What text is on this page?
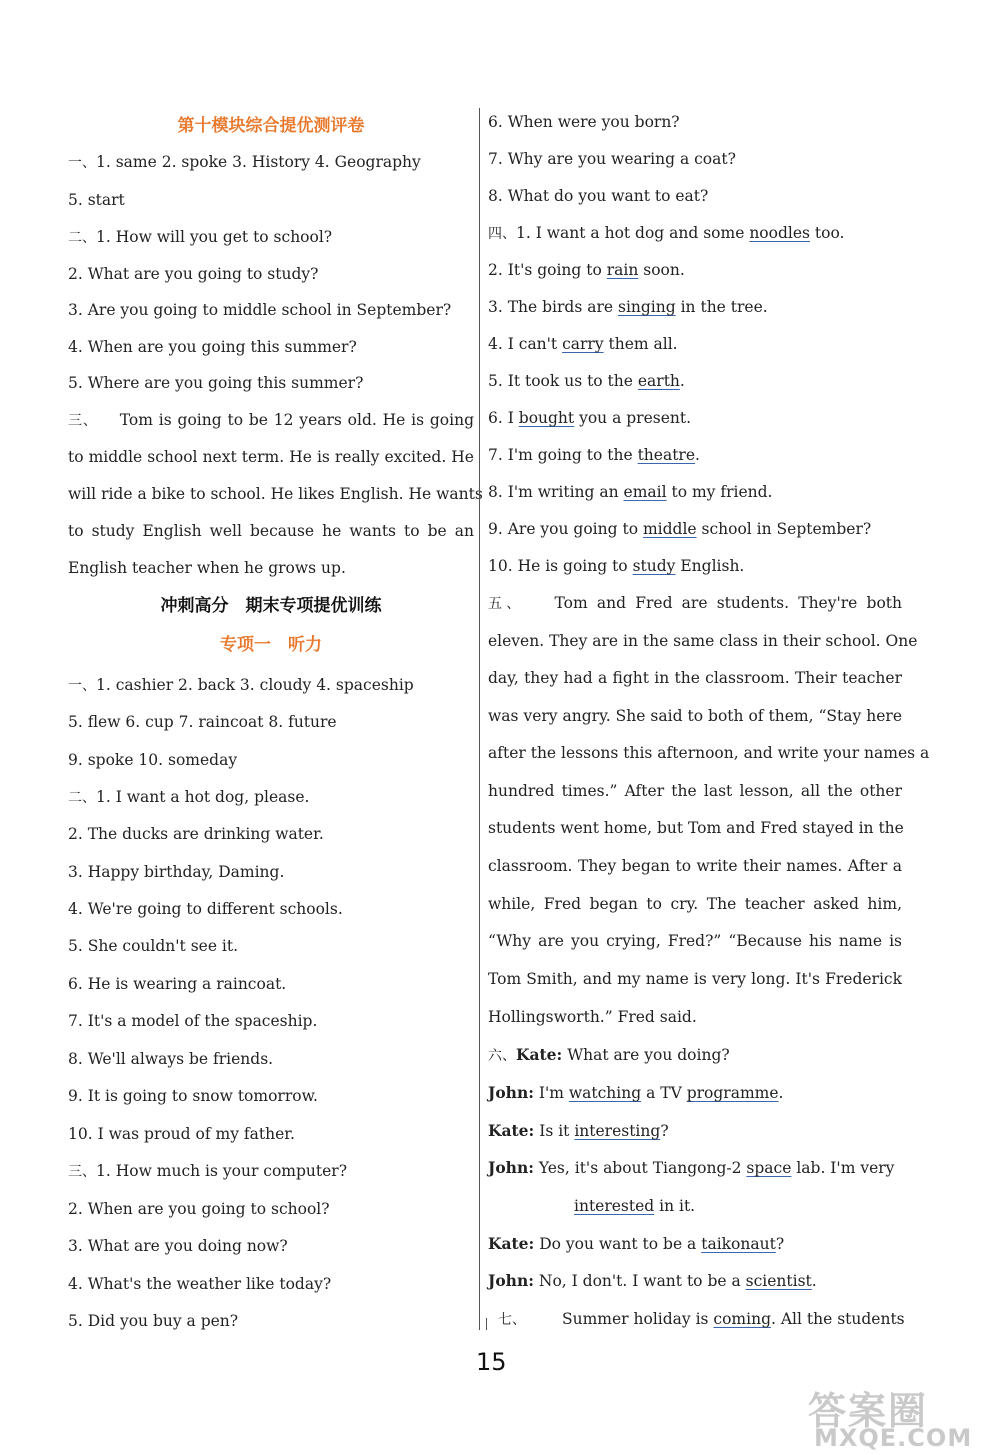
第十模块综合提优测评卷
一、1. same 2. spoke 3. History 4. Geography
5. start
二、1. How will you get to school?
2. What are you going to study?
3. Are you going to middle school in September?
4. When are you going this summer?
5. Where are you going this summer?
三、 Tom is going to be 12 years old. He is going
to middle school next term. He is really excited. He
will ride a bike to school. He likes English. He wants
to study English well because he wants to be an
English teacher when he grows up.
冲刺高分　期末专项提优训练
专项一　听力
一、1. cashier 2. back 3. cloudy 4. spaceship
5. flew 6. cup 7. raincoat 8. future
9. spoke 10. someday
二、1. I want a hot dog, please.
2. The ducks are drinking water.
3. Happy birthday, Daming.
4. We're going to different schools.
5. She couldn't see it.
6. He is wearing a raincoat.
7. It's a model of the spaceship.
8. We'll always be friends.
9. It is going to snow tomorrow.
10. I was proud of my father.
三、1. How much is your computer?
2. When are you going to school?
3. What are you doing now?
4. What's the weather like today?
5. Did you buy a pen?
6. When were you born?
7. Why are you wearing a coat?
8. What do you want to eat?
四、1. I want a hot dog and some noodles too.
2. It's going to rain soon.
3. The birds are singing in the tree.
4. I can't carry them all.
5. It took us to the earth.
6. I bought you a present.
7. I'm going to the theatre.
8. I'm writing an email to my friend.
9. Are you going to middle school in September?
10. He is going to study English.
五、 Tom and Fred are students. They're both
eleven. They are in the same class in their school. One
day, they had a fight in the classroom. Their teacher
was very angry. She said to both of them, “Stay here
after the lessons this afternoon, and write your names a
hundred times.” After the last lesson, all the other
students went home, but Tom and Fred stayed in the
classroom. They began to write their names. After a
while, Fred began to cry. The teacher asked him,
“Why are you crying, Fred?” “Because his name is
Tom Smith, and my name is very long. It's Frederick
Hollingsworth.” Fred said.
六、Kate: What are you doing?
John: I'm watching a TV programme.
Kate: Is it interesting?
John: Yes, it's about Tiangong-2 space lab. I'm very
interested in it.
Kate: Do you want to be a taikonaut?
John: No, I don't. I want to be a scientist.
七、 Summer holiday is coming. All the students
15
答案圈
MXQE.COM
